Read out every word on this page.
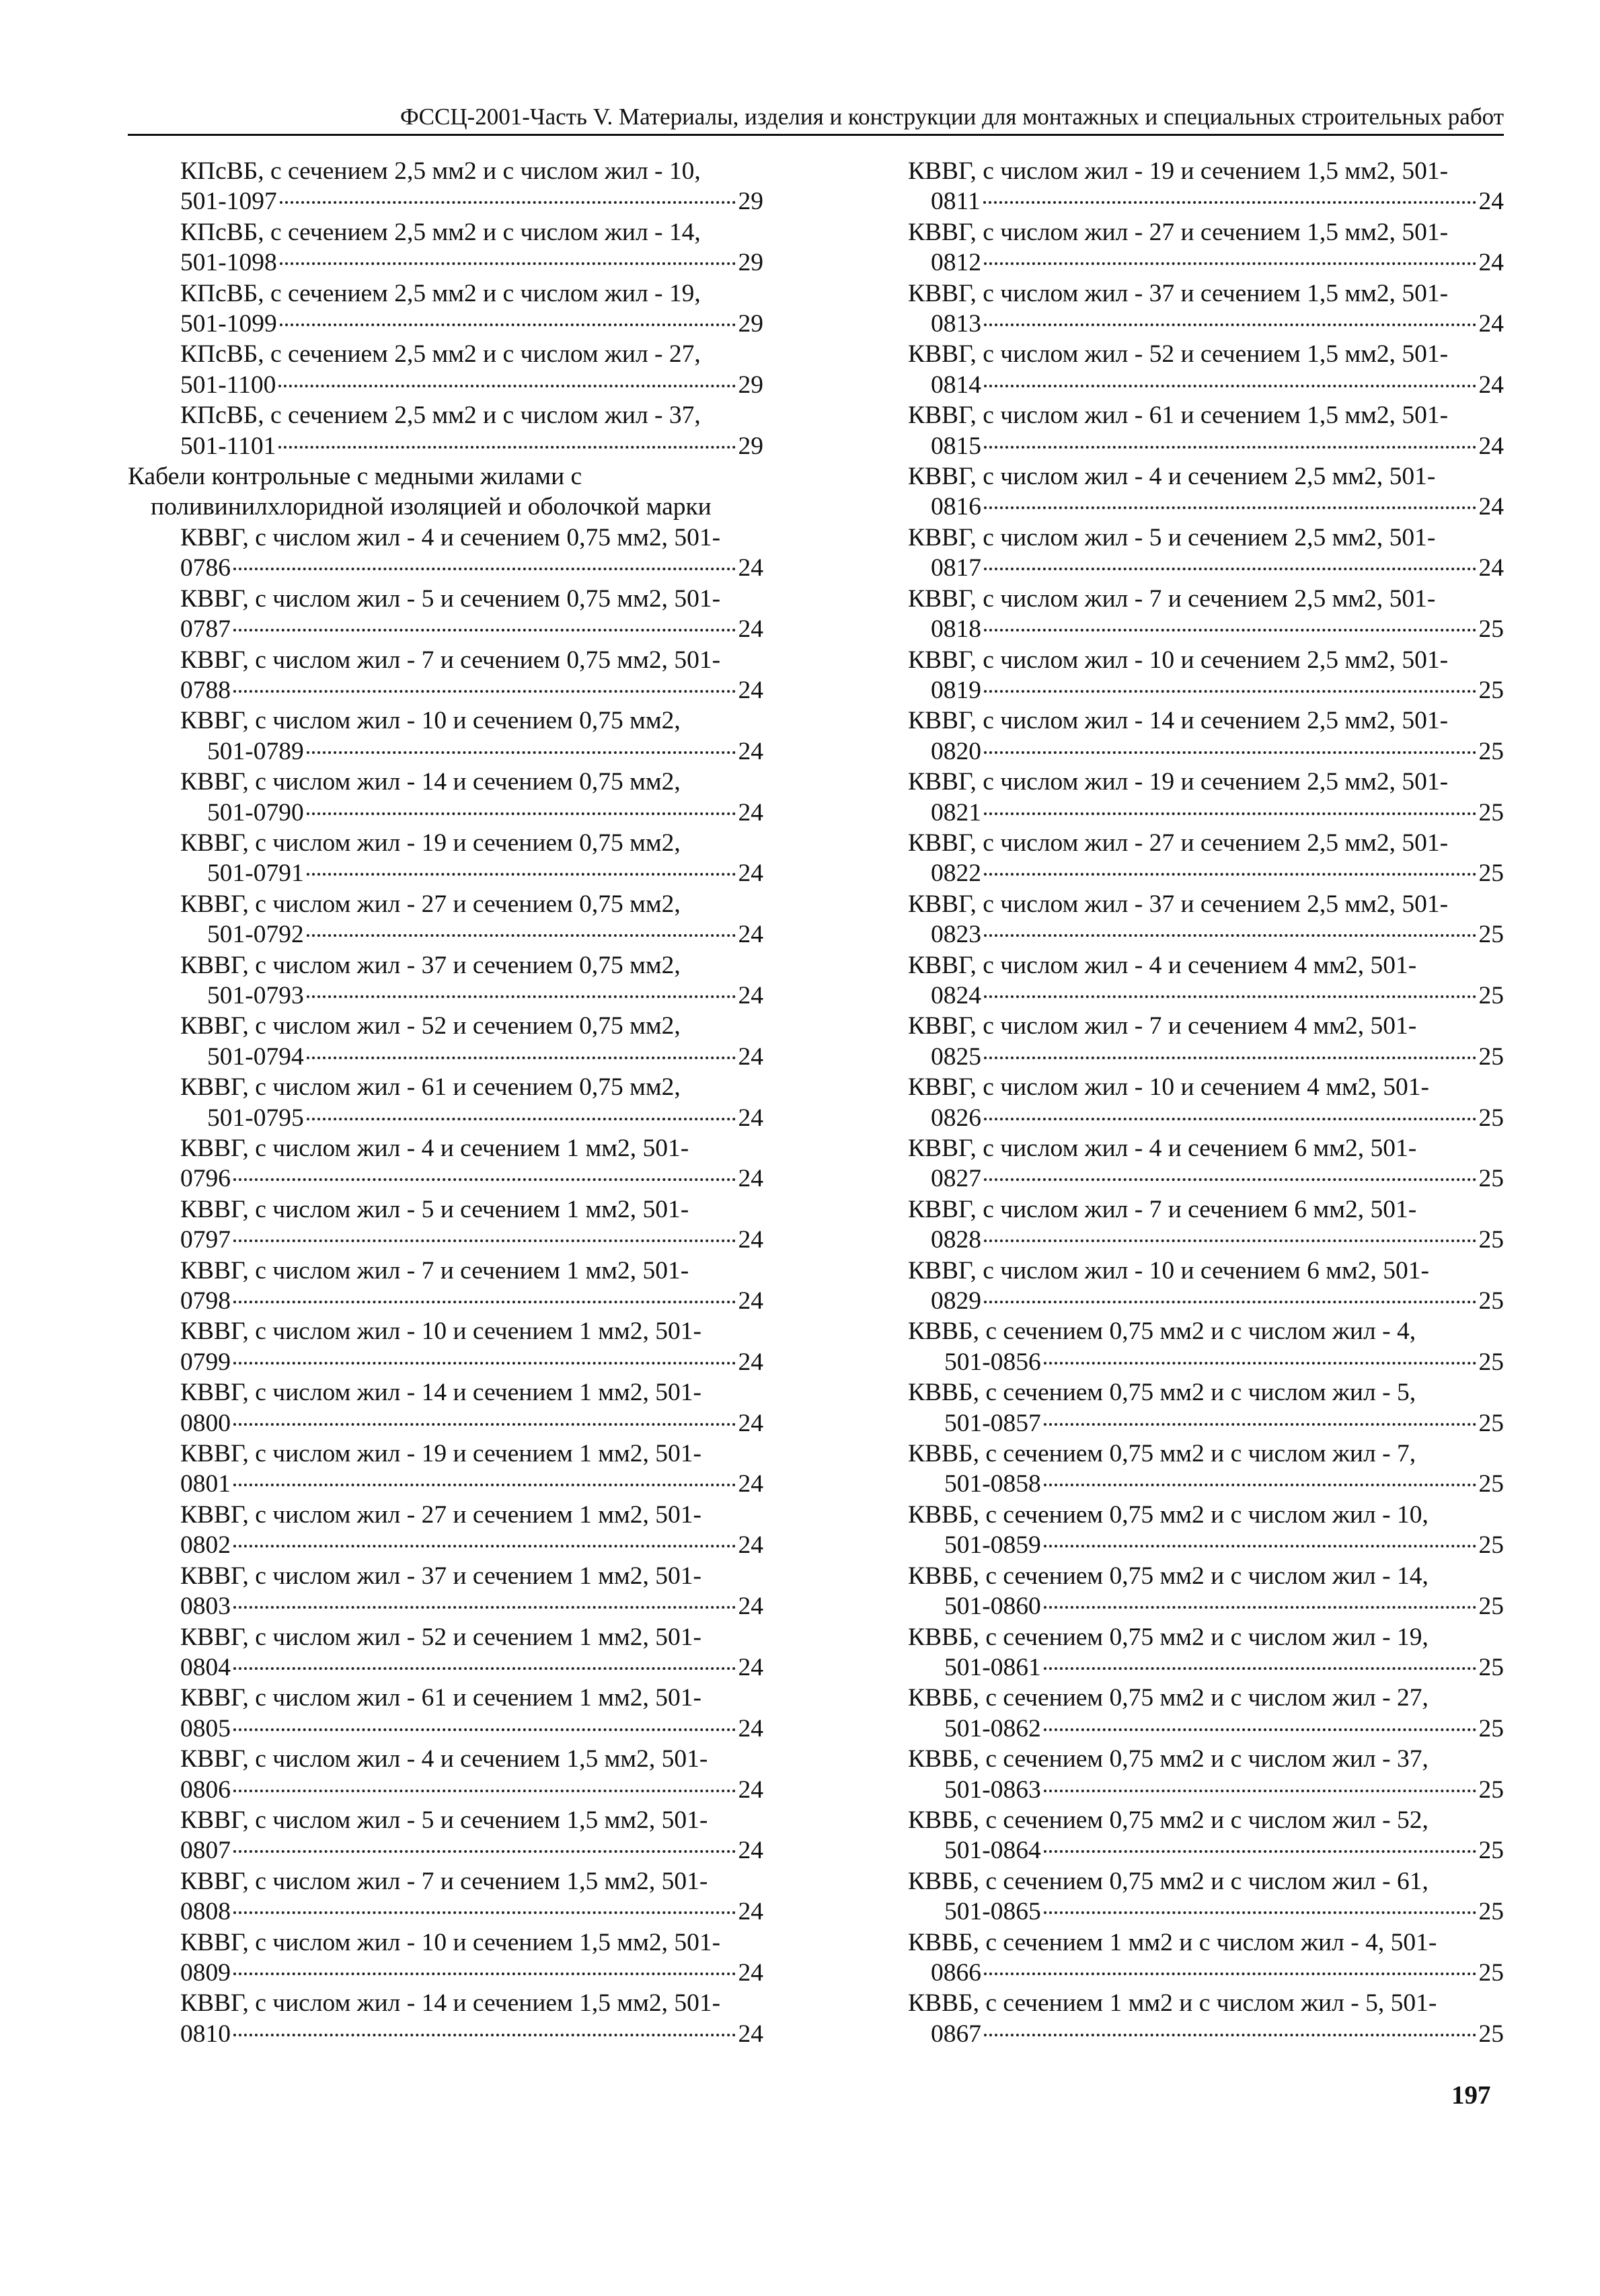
ФССЦ-2001-Часть V. Материалы, изделия и конструкции для монтажных и специальных строительных работ
КПсВБ, с сечением 2,5 мм2 и с числом жил - 10,
501-1097	29
КПсВБ, с сечением 2,5 мм2 и с числом жил - 14,
501-1098	29
КПсВБ, с сечением 2,5 мм2 и с числом жил - 19,
501-1099	29
КПсВБ, с сечением 2,5 мм2 и с числом жил - 27,
501-1100	29
КПсВБ, с сечением 2,5 мм2 и с числом жил - 37,
501-1101	29
Кабели контрольные с медными жилами с
поливинилхлоридной изоляцией и оболочкой марки
КВВГ, с числом жил - 4 и сечением 0,75 мм2, 501-
0786	24
КВВГ, с числом жил - 5 и сечением 0,75 мм2, 501-
0787	24
КВВГ, с числом жил - 7 и сечением 0,75 мм2, 501-
0788	24
КВВГ, с числом жил - 10 и сечением 0,75 мм2,
501-0789	24
КВВГ, с числом жил - 14 и сечением 0,75 мм2,
501-0790	24
КВВГ, с числом жил - 19 и сечением 0,75 мм2,
501-0791	24
КВВГ, с числом жил - 27 и сечением 0,75 мм2,
501-0792	24
КВВГ, с числом жил - 37 и сечением 0,75 мм2,
501-0793	24
КВВГ, с числом жил - 52 и сечением 0,75 мм2,
501-0794	24
КВВГ, с числом жил - 61 и сечением 0,75 мм2,
501-0795	24
КВВГ, с числом жил - 4 и сечением 1 мм2, 501-
0796	24
КВВГ, с числом жил - 5 и сечением 1 мм2, 501-
0797	24
КВВГ, с числом жил - 7 и сечением 1 мм2, 501-
0798	24
КВВГ, с числом жил - 10 и сечением 1 мм2, 501-
0799	24
КВВГ, с числом жил - 14 и сечением 1 мм2, 501-
0800	24
КВВГ, с числом жил - 19 и сечением 1 мм2, 501-
0801	24
КВВГ, с числом жил - 27 и сечением 1 мм2, 501-
0802	24
КВВГ, с числом жил - 37 и сечением 1 мм2, 501-
0803	24
КВВГ, с числом жил - 52 и сечением 1 мм2, 501-
0804	24
КВВГ, с числом жил - 61 и сечением 1 мм2, 501-
0805	24
КВВГ, с числом жил - 4 и сечением 1,5 мм2, 501-
0806	24
КВВГ, с числом жил - 5 и сечением 1,5 мм2, 501-
0807	24
КВВГ, с числом жил - 7 и сечением 1,5 мм2, 501-
0808	24
КВВГ, с числом жил - 10 и сечением 1,5 мм2, 501-
0809	24
КВВГ, с числом жил - 14 и сечением 1,5 мм2, 501-
0810	24
КВВГ, с числом жил - 19 и сечением 1,5 мм2, 501-
0811	24
КВВГ, с числом жил - 27 и сечением 1,5 мм2, 501-
0812	24
КВВГ, с числом жил - 37 и сечением 1,5 мм2, 501-
0813	24
КВВГ, с числом жил - 52 и сечением 1,5 мм2, 501-
0814	24
КВВГ, с числом жил - 61 и сечением 1,5 мм2, 501-
0815	24
КВВГ, с числом жил - 4 и сечением 2,5 мм2, 501-
0816	24
КВВГ, с числом жил - 5 и сечением 2,5 мм2, 501-
0817	24
КВВГ, с числом жил - 7 и сечением 2,5 мм2, 501-
0818	25
КВВГ, с числом жил - 10 и сечением 2,5 мм2, 501-
0819	25
КВВГ, с числом жил - 14 и сечением 2,5 мм2, 501-
0820	25
КВВГ, с числом жил - 19 и сечением 2,5 мм2, 501-
0821	25
КВВГ, с числом жил - 27 и сечением 2,5 мм2, 501-
0822	25
КВВГ, с числом жил - 37 и сечением 2,5 мм2, 501-
0823	25
КВВГ, с числом жил - 4 и сечением 4 мм2, 501-
0824	25
КВВГ, с числом жил - 7 и сечением 4 мм2, 501-
0825	25
КВВГ, с числом жил - 10 и сечением 4 мм2, 501-
0826	25
КВВГ, с числом жил - 4 и сечением 6 мм2, 501-
0827	25
КВВГ, с числом жил - 7 и сечением 6 мм2, 501-
0828	25
КВВГ, с числом жил - 10 и сечением 6 мм2, 501-
0829	25
КВВБ, с сечением 0,75 мм2 и с числом жил - 4,
501-0856	25
КВВБ, с сечением 0,75 мм2 и с числом жил - 5,
501-0857	25
КВВБ, с сечением 0,75 мм2 и с числом жил - 7,
501-0858	25
КВВБ, с сечением 0,75 мм2 и с числом жил - 10,
501-0859	25
КВВБ, с сечением 0,75 мм2 и с числом жил - 14,
501-0860	25
КВВБ, с сечением 0,75 мм2 и с числом жил - 19,
501-0861	25
КВВБ, с сечением 0,75 мм2 и с числом жил - 27,
501-0862	25
КВВБ, с сечением 0,75 мм2 и с числом жил - 37,
501-0863	25
КВВБ, с сечением 0,75 мм2 и с числом жил - 52,
501-0864	25
КВВБ, с сечением 0,75 мм2 и с числом жил - 61,
501-0865	25
КВВБ, с сечением 1 мм2 и с числом жил - 4, 501-
0866	25
КВВБ, с сечением 1 мм2 и с числом жил - 5, 501-
0867	25
197
